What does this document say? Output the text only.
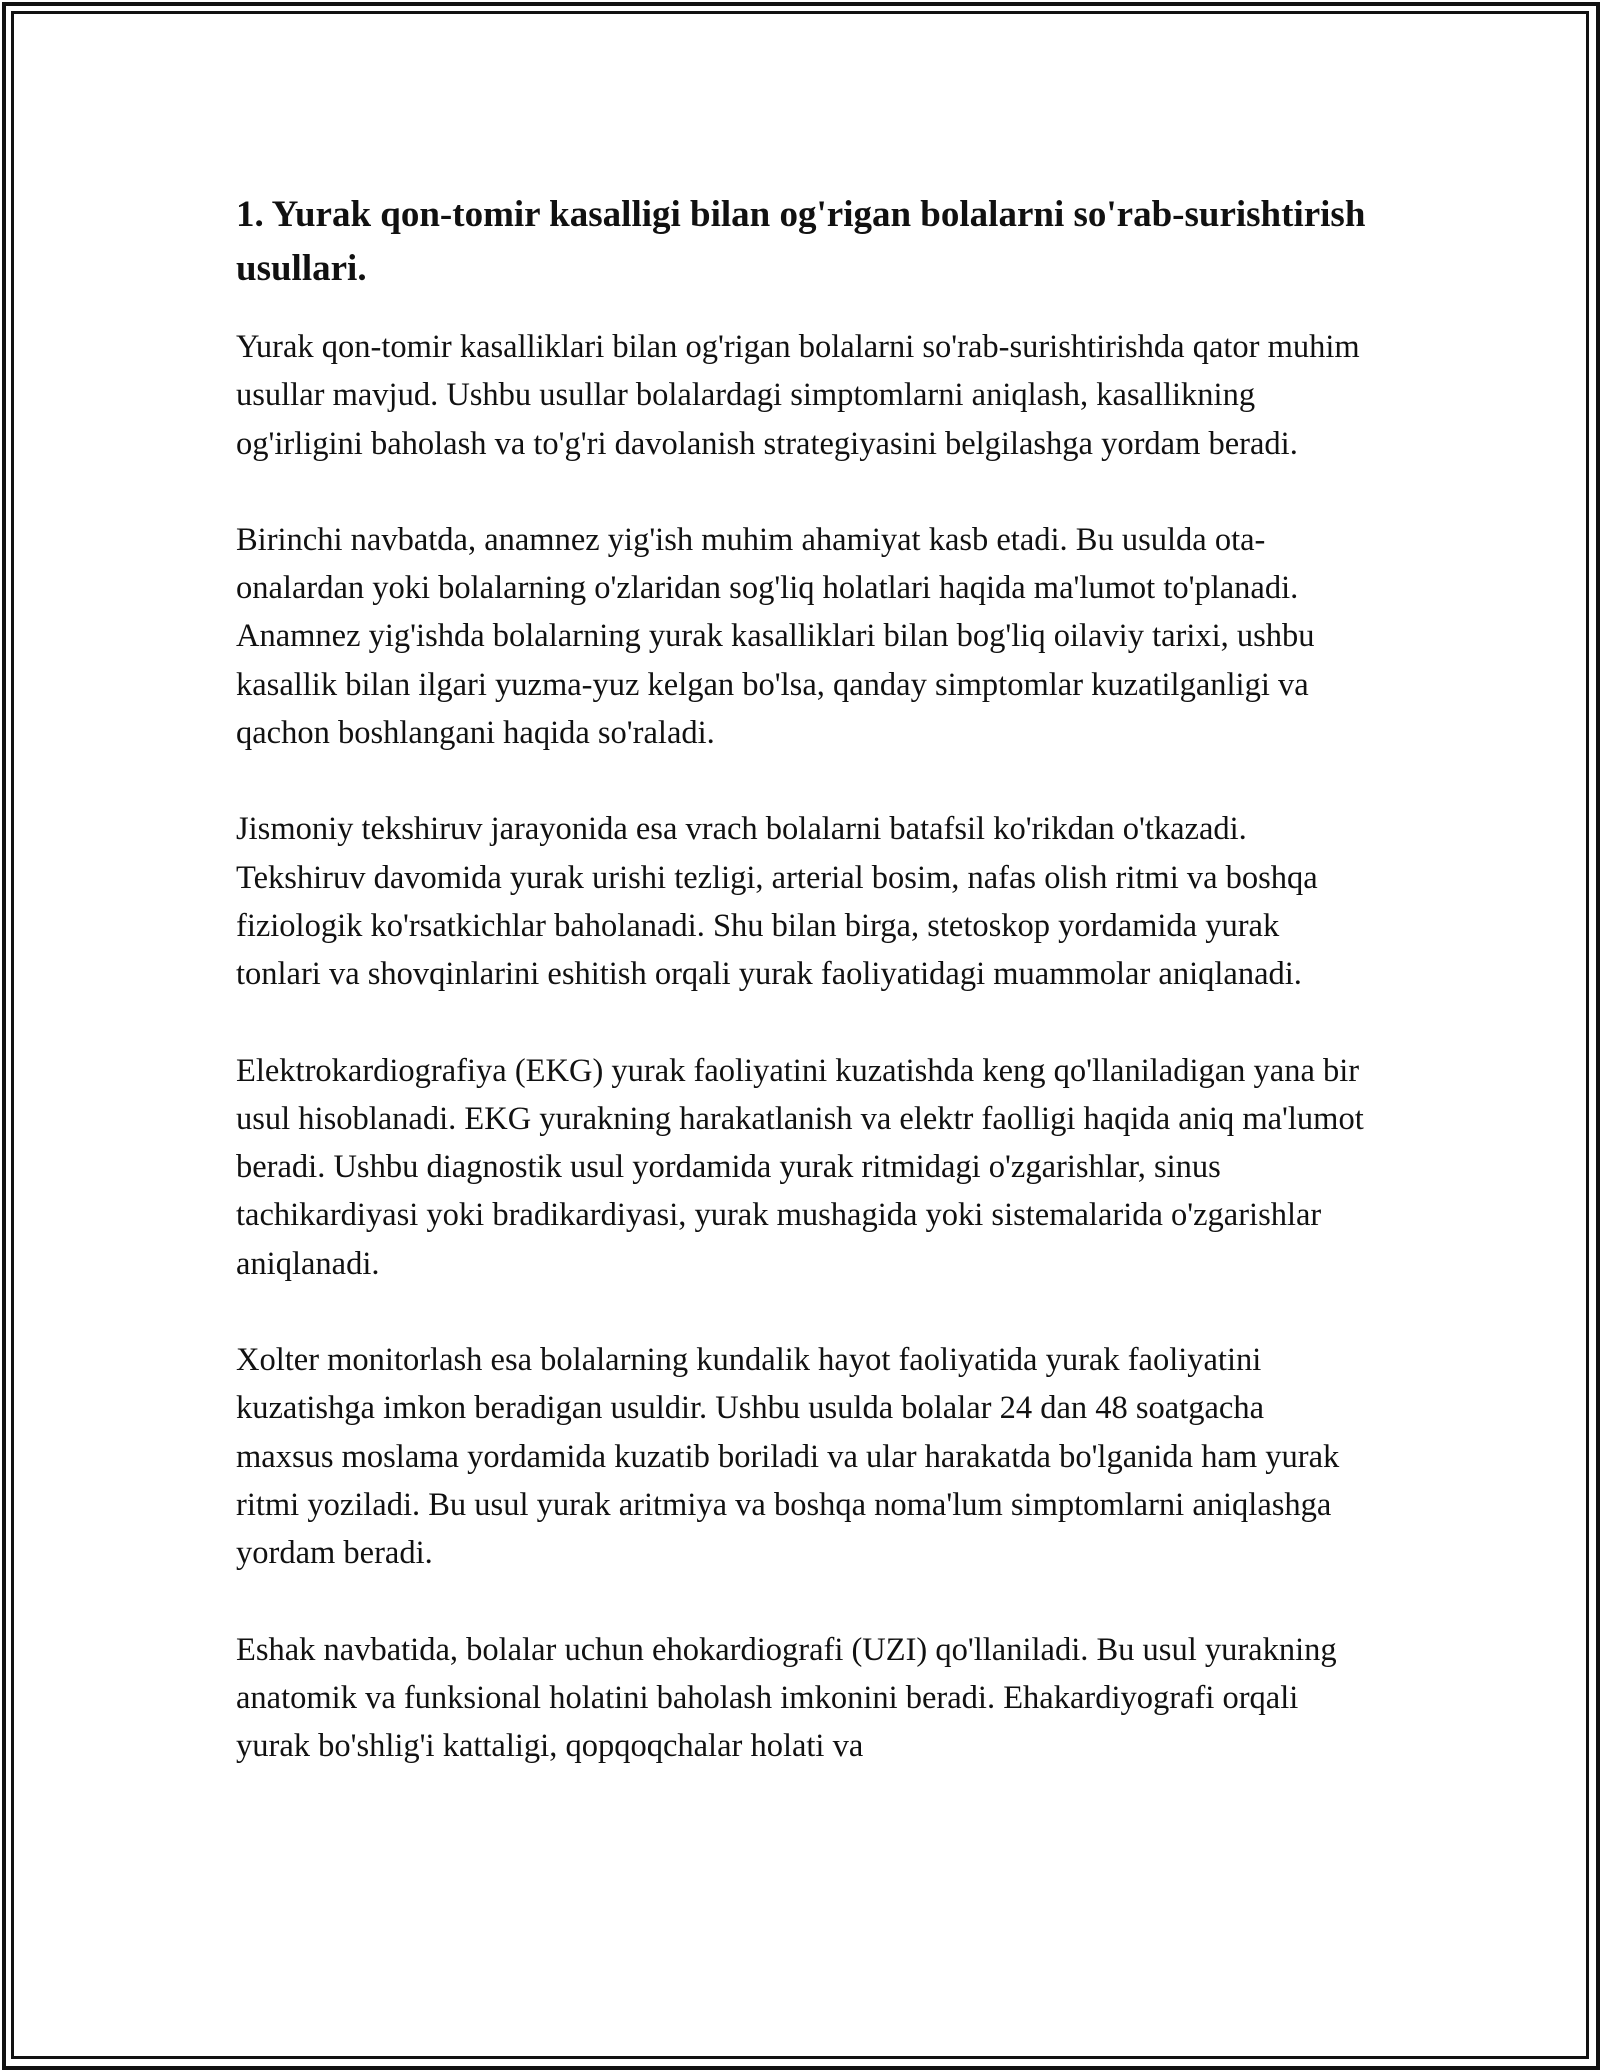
1. Yurak qon-tomir kasalligi bilan og'rigan bolalarni so'rab-surishtirish usullari.

Yurak qon-tomir kasalliklari bilan og'rigan bolalarni so'rab-surishtirishda qator muhim usullar mavjud. Ushbu usullar bolalardagi simptomlarni aniqlash, kasallikning og'irligini baholash va to'g'ri davolanish strategiyasini belgilashga yordam beradi.

Birinchi navbatda, anamnez yig'ish muhim ahamiyat kasb etadi. Bu usulda ota-onalardan yoki bolalarning o'zlaridan sog'liq holatlari haqida ma'lumot to'planadi. Anamnez yig'ishda bolalarning yurak kasalliklari bilan bog'liq oilaviy tarixi, ushbu kasallik bilan ilgari yuzma-yuz kelgan bo'lsa, qanday simptomlar kuzatilganligi va qachon boshlangani haqida so'raladi.

Jismoniy tekshiruv jarayonida esa vrach bolalarni batafsil ko'rikdan o'tkazadi. Tekshiruv davomida yurak urishi tezligi, arterial bosim, nafas olish ritmi va boshqa fiziologik ko'rsatkichlar baholanadi. Shu bilan birga, stetoskop yordamida yurak tonlari va shovqinlarini eshitish orqali yurak faoliyatidagi muammolar aniqlanadi.

Elektrokardiografiya (EKG) yurak faoliyatini kuzatishda keng qo'llaniladigan yana bir usul hisoblanadi. EKG yurakning harakatlanish va elektr faolligi haqida aniq ma'lumot beradi. Ushbu diagnostik usul yordamida yurak ritmidagi o'zgarishlar, sinus tachikardiyasi yoki bradikardiyasi, yurak mushagida yoki sistemalarida o'zgarishlar aniqlanadi.

Xolter monitorlash esa bolalarning kundalik hayot faoliyatida yurak faoliyatini kuzatishga imkon beradigan usuldir. Ushbu usulda bolalar 24 dan 48 soatgacha maxsus moslama yordamida kuzatib boriladi va ular harakatda bo'lganida ham yurak ritmi yoziladi. Bu usul yurak aritmiya va boshqa noma'lum simptomlarni aniqlashga yordam beradi.

Eshak navbatida, bolalar uchun ehokardiografi (UZI) qo'llaniladi. Bu usul yurakning anatomik va funksional holatini baholash imkonini beradi. Ehakardiyografi orqali yurak bo'shlig'i kattaligi, qopqoqchalar holati va
